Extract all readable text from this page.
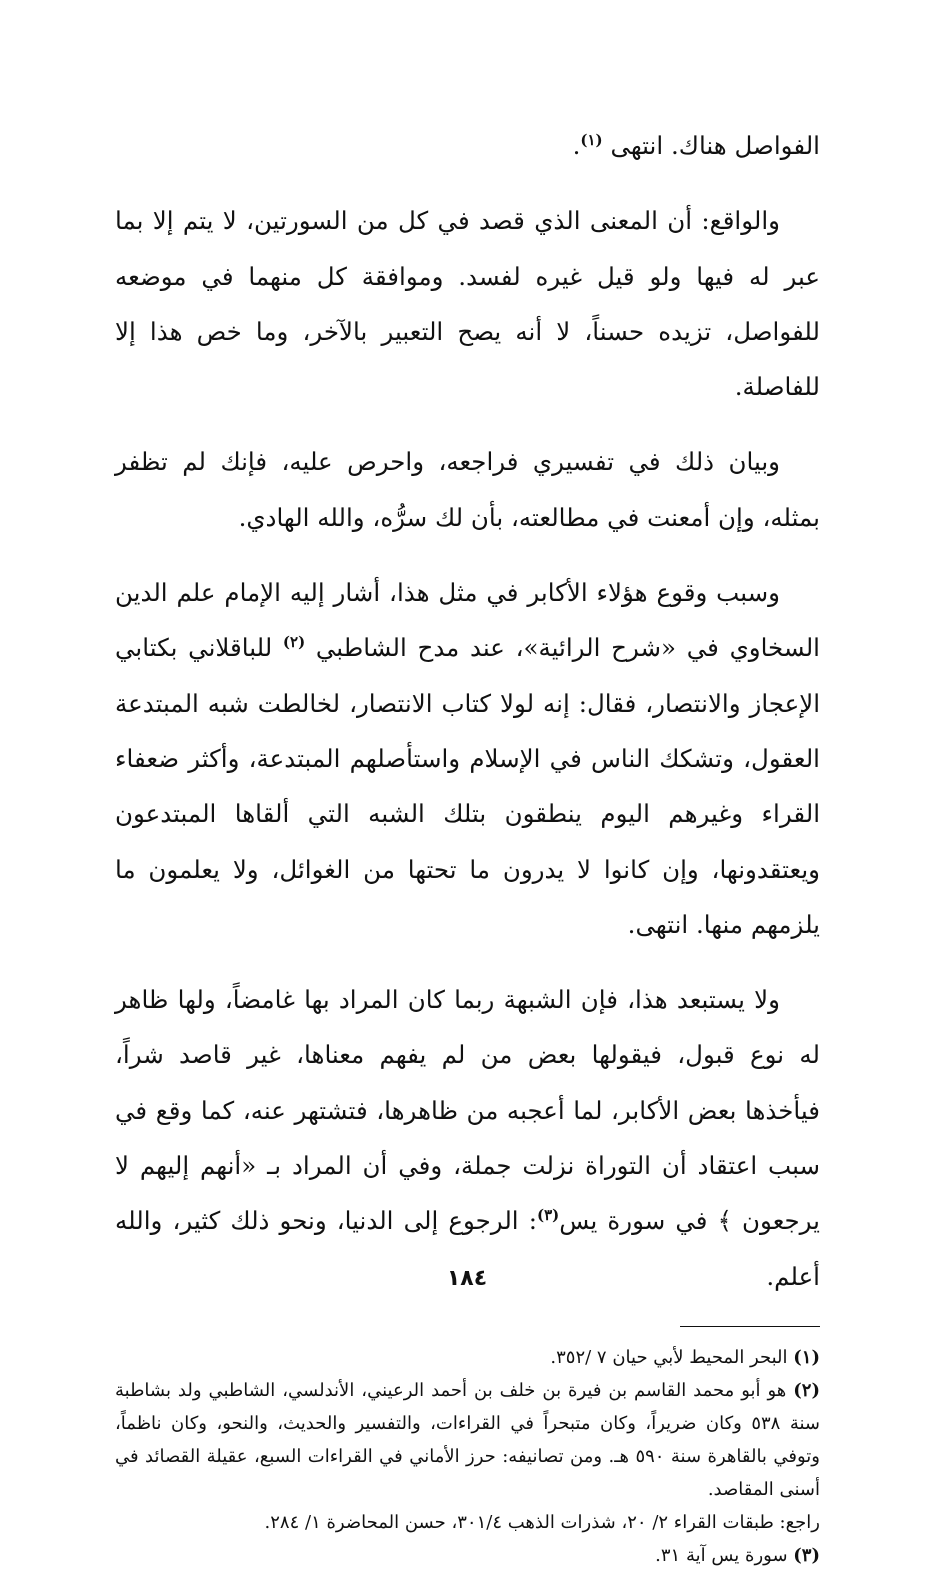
الفواصل هناك. انتهى $^{(١)}$.

والواقع: أن المعنى الذي قصد في كل من السورتين، لا يتم إلا بما عبر له فيها ولو قيل غيره لفسد. وموافقة كل منهما في موضعه للفواصل، تزيده حسناً، لا أنه يصح التعبير بالآخر، وما خص هذا إلا للفاصلة.

وبيان ذلك في تفسيري فراجعه، واحرص عليه، فإنك لم تظفر بمثله، وإن أمعنت في مطالعته، بأن لك سرُّه، والله الهادي.

وسبب وقوع هؤلاء الأكابر في مثل هذا، أشار إليه الإمام علم الدين السخاوي في «شرح الرائية»، عند مدح الشاطبي $^{(٢)}$ للباقلاني بكتابي الإعجاز والانتصار، فقال: إنه لولا كتاب الانتصار، لخالطت شبه المبتدعة العقول، وتشكك الناس في الإسلام واستأصلهم المبتدعة، وأكثر ضعفاء القراء وغيرهم اليوم ينطقون بتلك الشبه التي ألقاها المبتدعون ويعتقدونها، وإن كانوا لا يدرون ما تحتها من الغوائل، ولا يعلمون ما يلزمهم منها. انتهى.

ولا يستبعد هذا، فإن الشبهة ربما كان المراد بها غامضاً، ولها ظاهر له نوع قبول، فيقولها بعض من لم يفهم معناها، غير قاصد شراً، فيأخذها بعض الأكابر، لما أعجبه من ظاهرها، فتشتهر عنه، كما وقع في سبب اعتقاد أن التوراة نزلت جملة، وفي أن المراد بـ «أنهم إليهم لا يرجعون ﴾ في سورة يس$^{(٣)}$: الرجوع إلى الدنيا، ونحو ذلك كثير، والله أعلم.

(١) البحر المحيط لأبي حيان ٧ /٣٥٢.

(٢) هو أبو محمد القاسم بن فيرة بن خلف بن أحمد الرعيني، الأندلسي، الشاطبي ولد بشاطبة سنة ٥٣٨ وكان ضريراً، وكان متبحراً في القراءات، والتفسير والحديث، والنحو، وكان ناظماً، وتوفي بالقاهرة سنة ٥٩٠ هـ. ومن تصانيفه: حرز الأماني في القراءات السبع، عقيلة القصائد في أسنى المقاصد.

راجع: طبقات القراء ٢/ ٢٠، شذرات الذهب ٣٠١/٤، حسن المحاضرة ١/ ٢٨٤.

(٣) سورة يس آية ٣١.

١٨٤
